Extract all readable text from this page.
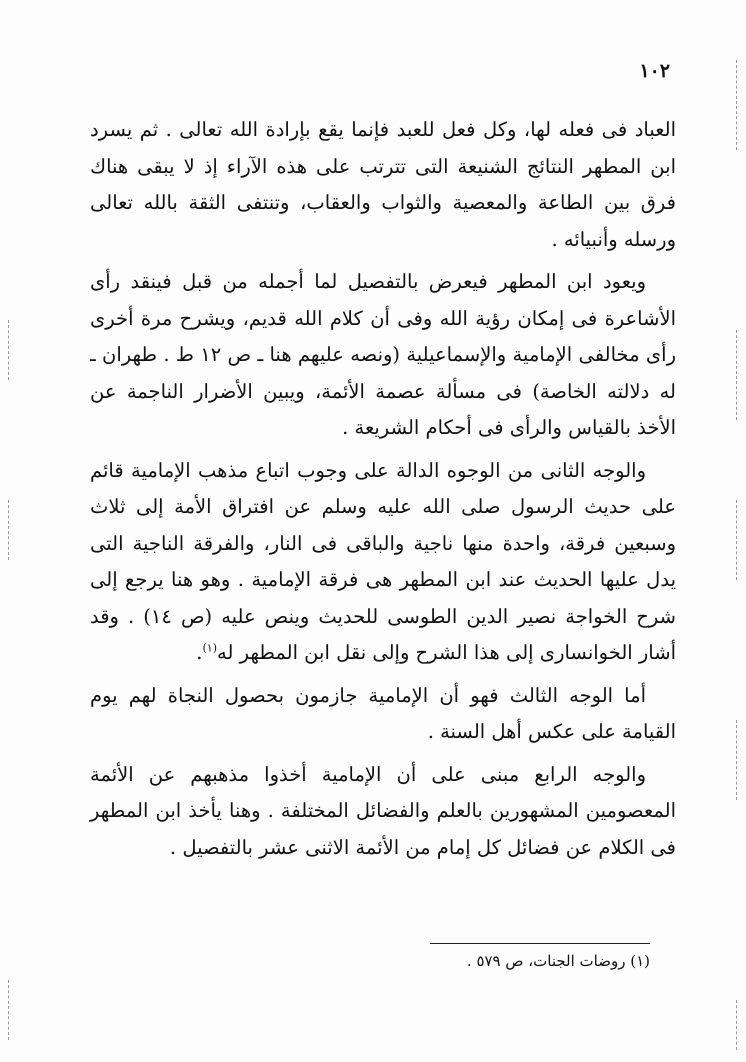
١٠٢

العباد فى فعله لها، وكل فعل للعبد فإنما يقع بإرادة الله تعالى . ثم يسرد ابن المطهر النتائج الشنيعة التى تترتب على هذه الآراء إذ لا يبقى هناك فرق بين الطاعة والمعصية والثواب والعقاب، وتنتفى الثقة بالله تعالى ورسله وأنبيائه .

ويعود ابن المطهر فيعرض بالتفصيل لما أجمله من قبل فينقد رأى الأشاعرة فى إمكان رؤية الله وفى أن كلام الله قديم، ويشرح مرة أخرى رأى مخالفى الإمامية والإسماعيلية (ونصه عليهم هنا ـ ص ١٢ ط . طهران ـ له دلالته الخاصة) فى مسألة عصمة الأئمة، ويبين الأضرار الناجمة عن الأخذ بالقياس والرأى فى أحكام الشريعة .

والوجه الثانى من الوجوه الدالة على وجوب اتباع مذهب الإمامية قائم على حديث الرسول صلى الله عليه وسلم عن افتراق الأمة إلى ثلاث وسبعين فرقة، واحدة منها ناجية والباقى فى النار، والفرقة الناجية التى يدل عليها الحديث عند ابن المطهر هى فرقة الإمامية . وهو هنا يرجع إلى شرح الخواجة نصير الدين الطوسى للحديث وينص عليه (ص ١٤) . وقد أشار الخوانسارى إلى هذا الشرح وإلى نقل ابن المطهر له$^{(١)}$.

أما الوجه الثالث فهو أن الإمامية جازمون بحصول النجاة لهم يوم القيامة على عكس أهل السنة .

والوجه الرابع مبنى على أن الإمامية أخذوا مذهبهم عن الأئمة المعصومين المشهورين بالعلم والفضائل المختلفة . وهنا يأخذ ابن المطهر فى الكلام عن فضائل كل إمام من الأئمة الاثنى عشر بالتفصيل .

(١) روضات الجنات، ص ٥٧٩ .
